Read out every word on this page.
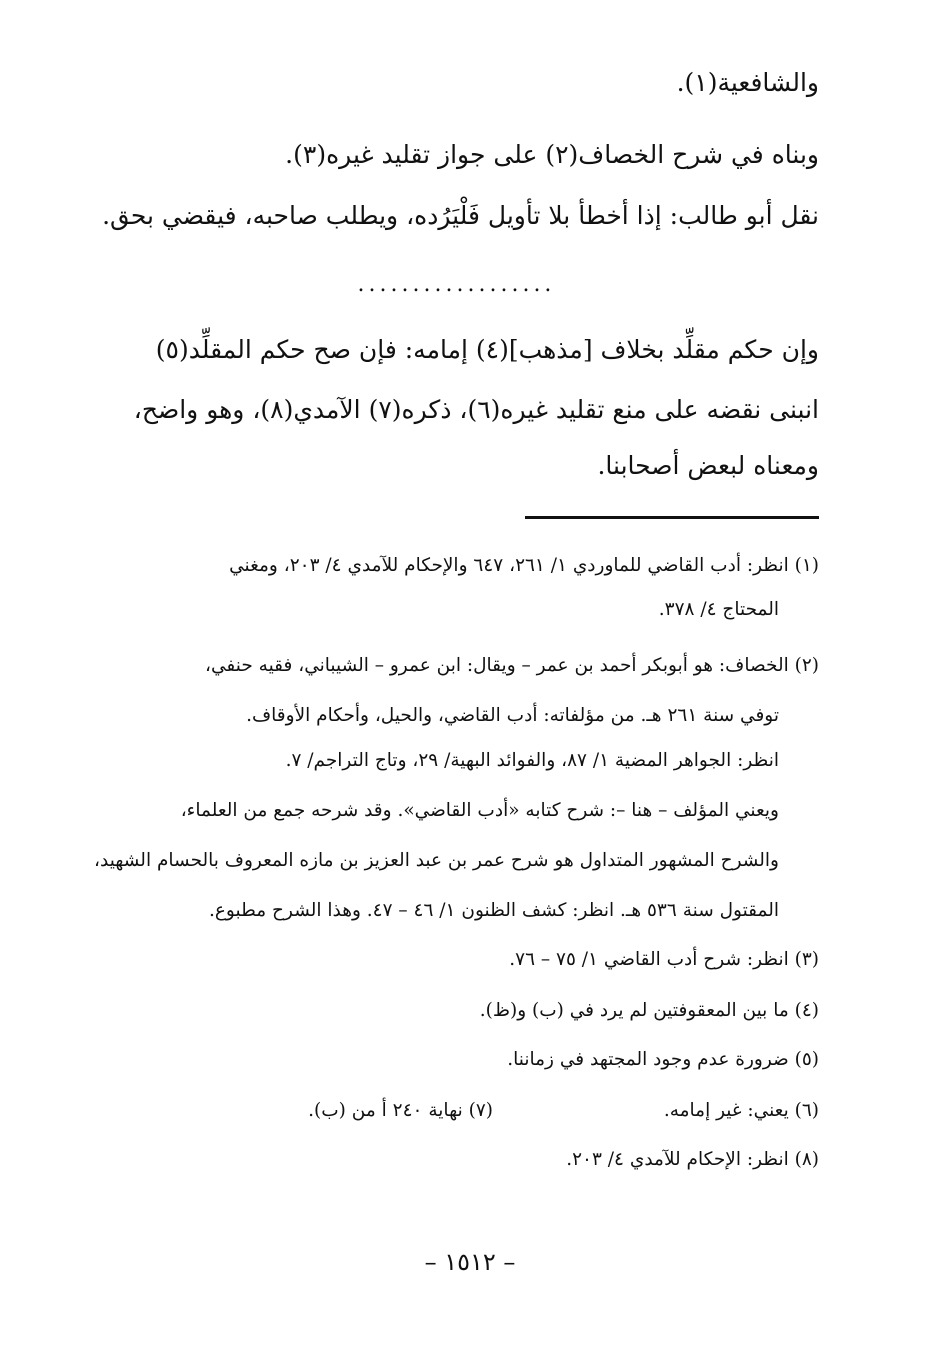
والشافعية(١).
وبناه في شرح الخصاف(٢) على جواز تقليد غيره(٣).
نقل أبو طالب: إذا أخطأ بلا تأويل فَلْيَرُده، ويطلب صاحبه، فيقضي بحق.
..................
وإن حكم مقلِّد بخلاف [مذهب](٤) إمامه: فإن صح حكم المقلِّد(٥)
انبنى نقضه على منع تقليد غيره(٦)، ذكره(٧) الآمدي(٨)، وهو واضح،
ومعناه لبعض أصحابنا.
(١) انظر: أدب القاضي للماوردي ١/ ٢٦١، ٦٤٧ والإحكام للآمدي ٤/ ٢٠٣، ومغني
المحتاج ٤/ ٣٧٨.
(٢) الخصاف: هو أبوبكر أحمد بن عمر – ويقال: ابن عمرو – الشيباني، فقيه حنفي،
توفي سنة ٢٦١ هـ. من مؤلفاته: أدب القاضي، والحيل، وأحكام الأوقاف.
انظر: الجواهر المضية ١/ ٨٧، والفوائد البهية/ ٢٩، وتاج التراجم/ ٧.
ويعني المؤلف – هنا –: شرح كتابه «أدب القاضي». وقد شرحه جمع من العلماء،
والشرح المشهور المتداول هو شرح عمر بن عبد العزيز بن مازه المعروف بالحسام الشهيد،
المقتول سنة ٥٣٦ هـ. انظر: كشف الظنون ١/ ٤٦ – ٤٧. وهذا الشرح مطبوع.
(٣) انظر: شرح أدب القاضي ١/ ٧٥ – ٧٦.
(٤) ما بين المعقوفتين لم يرد في (ب) و(ظ).
(٥) ضرورة عدم وجود المجتهد في زماننا.
(٦) يعني: غير إمامه.
(٧) نهاية ٢٤٠ أ من (ب).
(٨) انظر: الإحكام للآمدي ٤/ ٢٠٣.
– ١٥١٢ –
